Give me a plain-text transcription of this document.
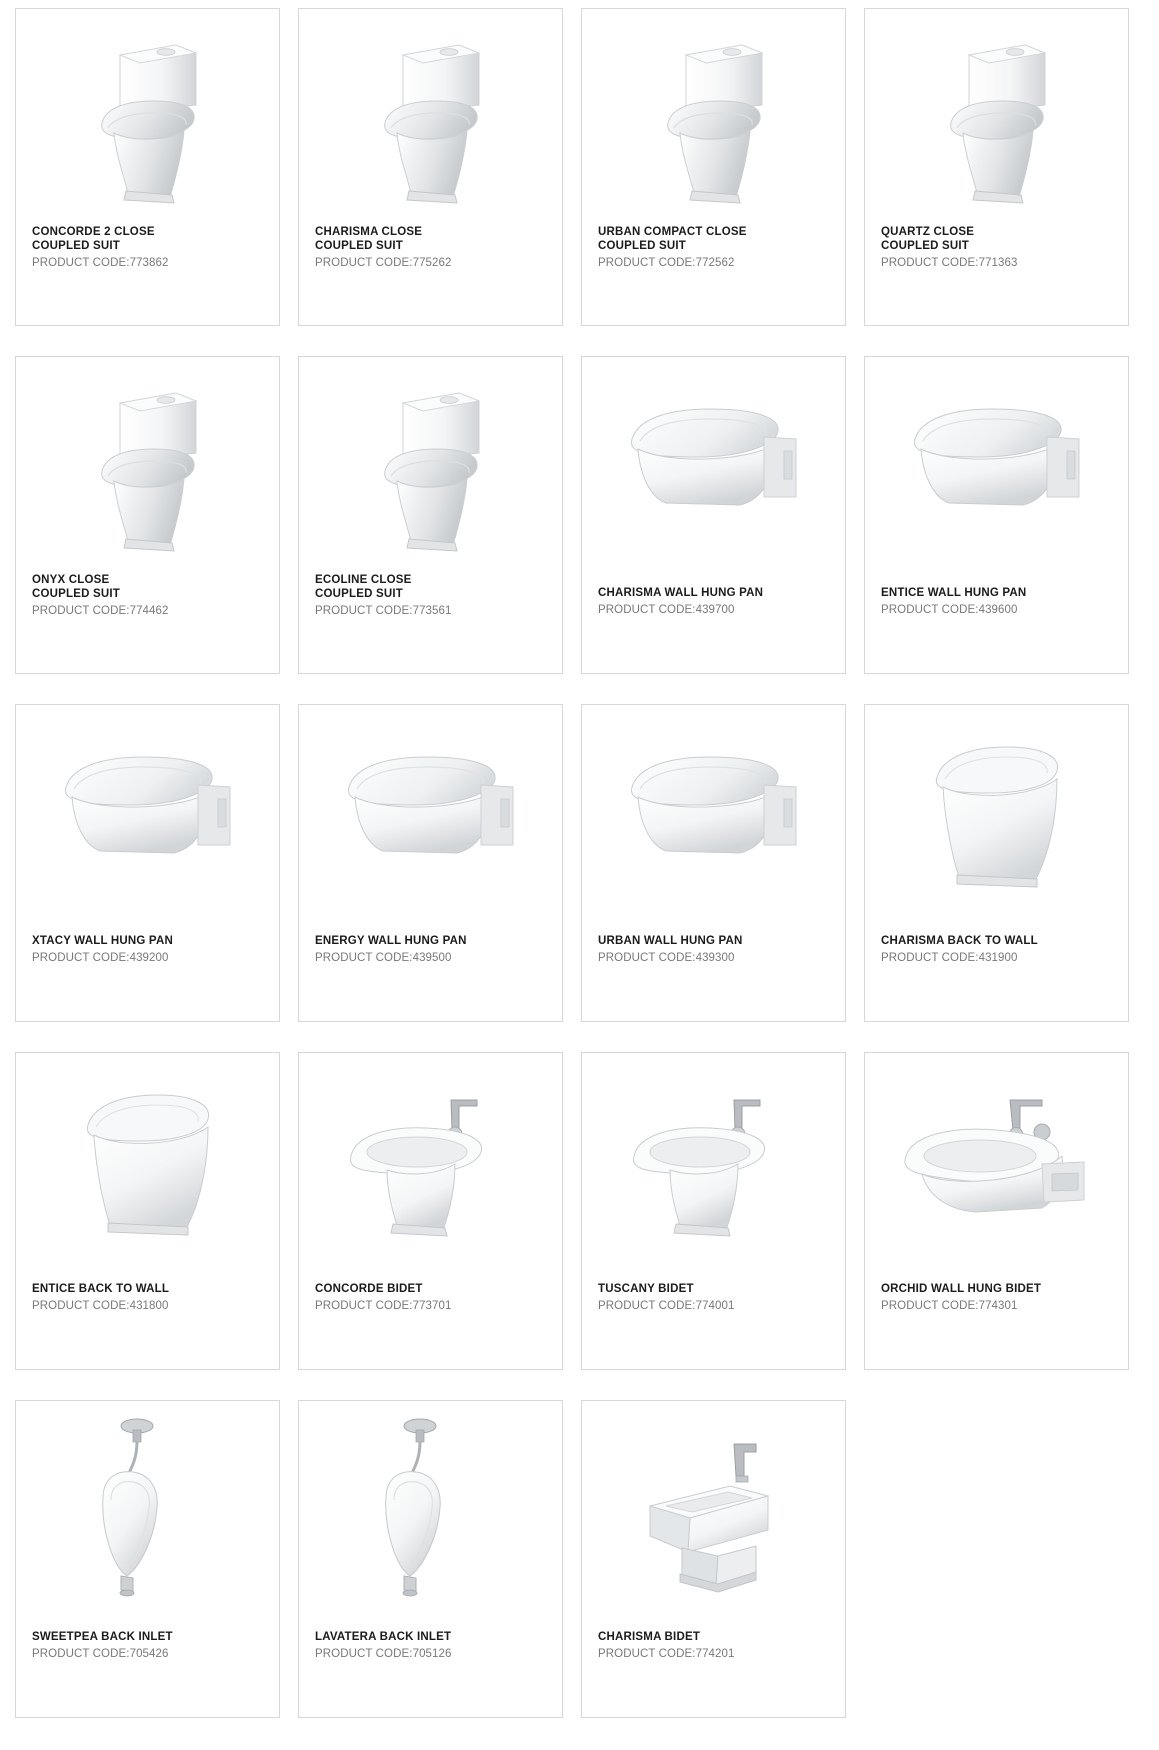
CONCORDE 2 CLOSE
COUPLED SUIT
PRODUCT CODE:773862
CHARISMA CLOSE
COUPLED SUIT
PRODUCT CODE:775262
URBAN COMPACT CLOSE
COUPLED SUIT
PRODUCT CODE:772562
QUARTZ CLOSE
COUPLED SUIT
PRODUCT CODE:771363
ONYX CLOSE
COUPLED SUIT
PRODUCT CODE:774462
ECOLINE CLOSE
COUPLED SUIT
PRODUCT CODE:773561
CHARISMA WALL HUNG PAN
PRODUCT CODE:439700
ENTICE WALL HUNG PAN
PRODUCT CODE:439600
XTACY WALL HUNG PAN
PRODUCT CODE:439200
ENERGY WALL HUNG PAN
PRODUCT CODE:439500
URBAN WALL HUNG PAN
PRODUCT CODE:439300
CHARISMA BACK TO WALL
PRODUCT CODE:431900
ENTICE BACK TO WALL
PRODUCT CODE:431800
CONCORDE BIDET
PRODUCT CODE:773701
TUSCANY BIDET
PRODUCT CODE:774001
ORCHID WALL HUNG BIDET
PRODUCT CODE:774301
SWEETPEA BACK INLET
PRODUCT CODE:705426
LAVATERA BACK INLET
PRODUCT CODE:705126
CHARISMA BIDET
PRODUCT CODE:774201
